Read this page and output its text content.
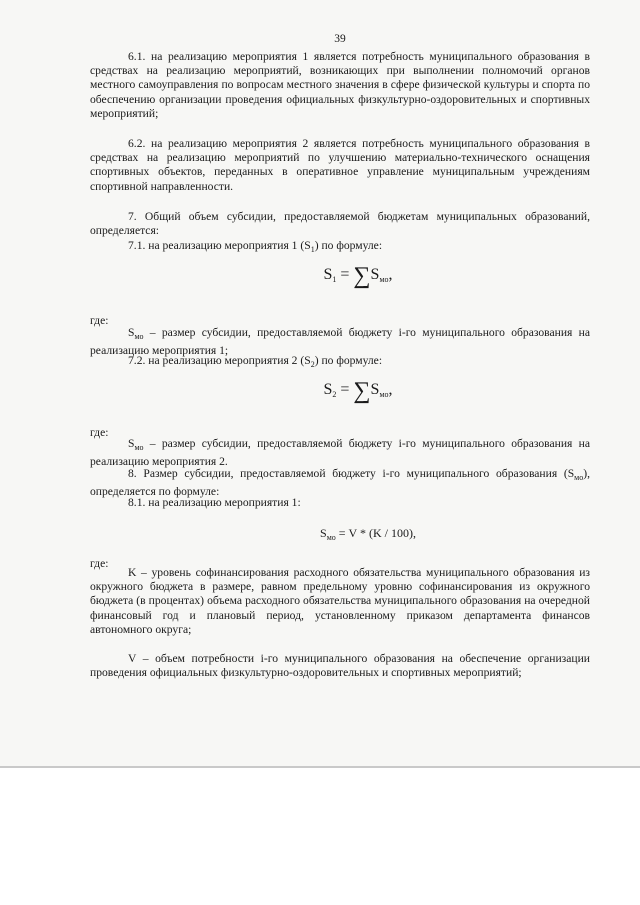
39

6.1. на реализацию мероприятия 1 является потребность муниципального образования в средствах на реализацию мероприятий, возникающих при выполнении полномочий органов местного самоуправления по вопросам местного значения в сфере физической культуры и спорта по обеспечению организации проведения официальных физкультурно-оздоровительных и спортивных мероприятий;

6.2. на реализацию мероприятия 2 является потребность муниципального образования в средствах на реализацию мероприятий по улучшению материально-технического оснащения спортивных объектов, переданных в оперативное управление муниципальным учреждениям спортивной направленности.

7. Общий объем субсидии, предоставляемой бюджетам муниципальных образований, определяется:

7.1. на реализацию мероприятия 1 $(S_1)$ по формуле:

$S_1 = \sum S_{мо}$,
где:

$S_{мо}$ – размер субсидии, предоставляемой бюджету i-го муниципального образования на реализацию мероприятия 1;

7.2. на реализацию мероприятия 2 $(S_2)$ по формуле:

$S_2 = \sum S_{мо}$,
где:

$S_{мо}$ – размер субсидии, предоставляемой бюджету i-го муниципального образования на реализацию мероприятия 2.

8. Размер субсидии, предоставляемой бюджету i-го муниципального образования $(S_{мо})$, определяется по формуле:

8.1. на реализацию мероприятия 1:

$S_{мо} = V * (K / 100)$,
где:

K – уровень софинансирования расходного обязательства муниципального образования из окружного бюджета в размере, равном предельному уровню софинансирования из окружного бюджета (в процентах) объема расходного обязательства муниципального образования на очередной финансовый год и плановый период, установленному приказом департамента финансов автономного округа;

V – объем потребности i-го муниципального образования на обеспечение организации проведения официальных физкультурно-оздоровительных и спортивных мероприятий;
